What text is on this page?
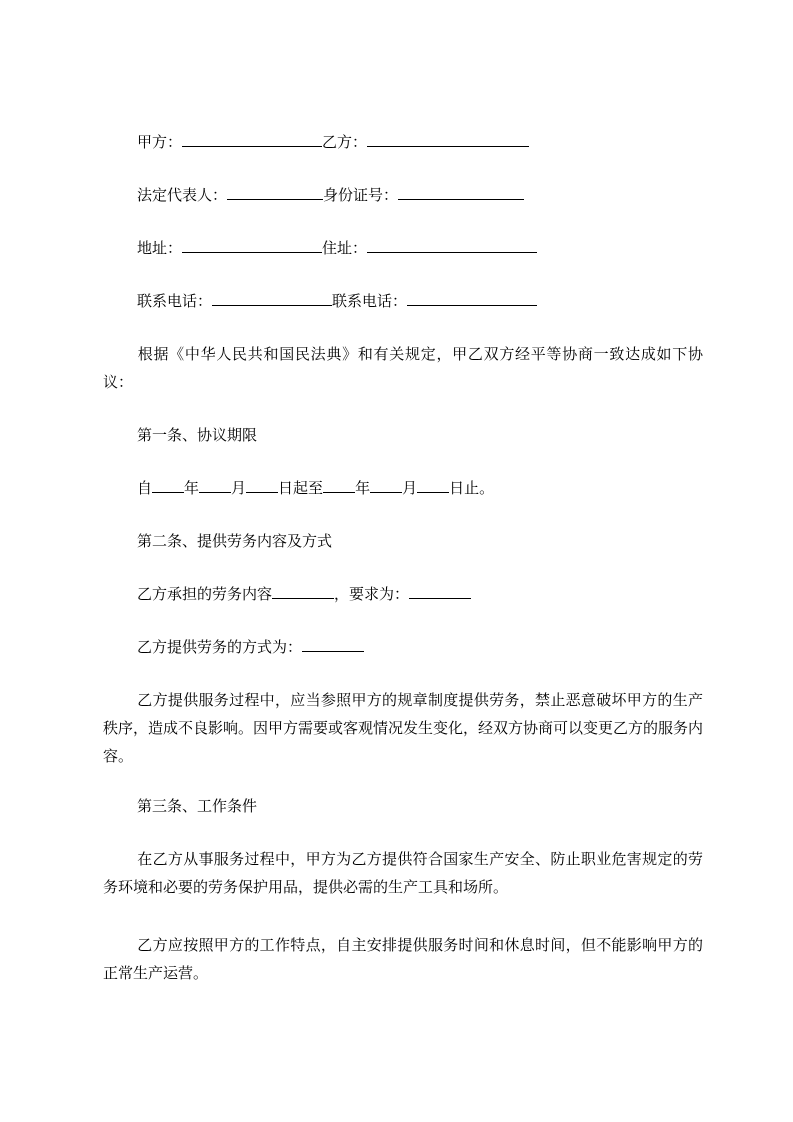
甲方：	乙方：
法定代表人：	身份证号：
地址：	住址：
联系电话：	联系电话：
根据《中华人民共和国民法典》和有关规定，甲乙双方经平等协商一致达成如下协议：
第一条、协议期限
自 年 月 日起至 年 月 日止。
第二条、提供劳务内容及方式
乙方承担的劳务内容	，要求为：
乙方提供劳务的方式为：
乙方提供服务过程中，应当参照甲方的规章制度提供劳务，禁止恶意破坏甲方的生产秩序，造成不良影响。因甲方需要或客观情况发生变化，经双方协商可以变更乙方的服务内容。
第三条、工作条件
在乙方从事服务过程中，甲方为乙方提供符合国家生产安全、防止职业危害规定的劳务环境和必要的劳务保护用品，提供必需的生产工具和场所。
乙方应按照甲方的工作特点，自主安排提供服务时间和休息时间，但不能影响甲方的正常生产运营。
